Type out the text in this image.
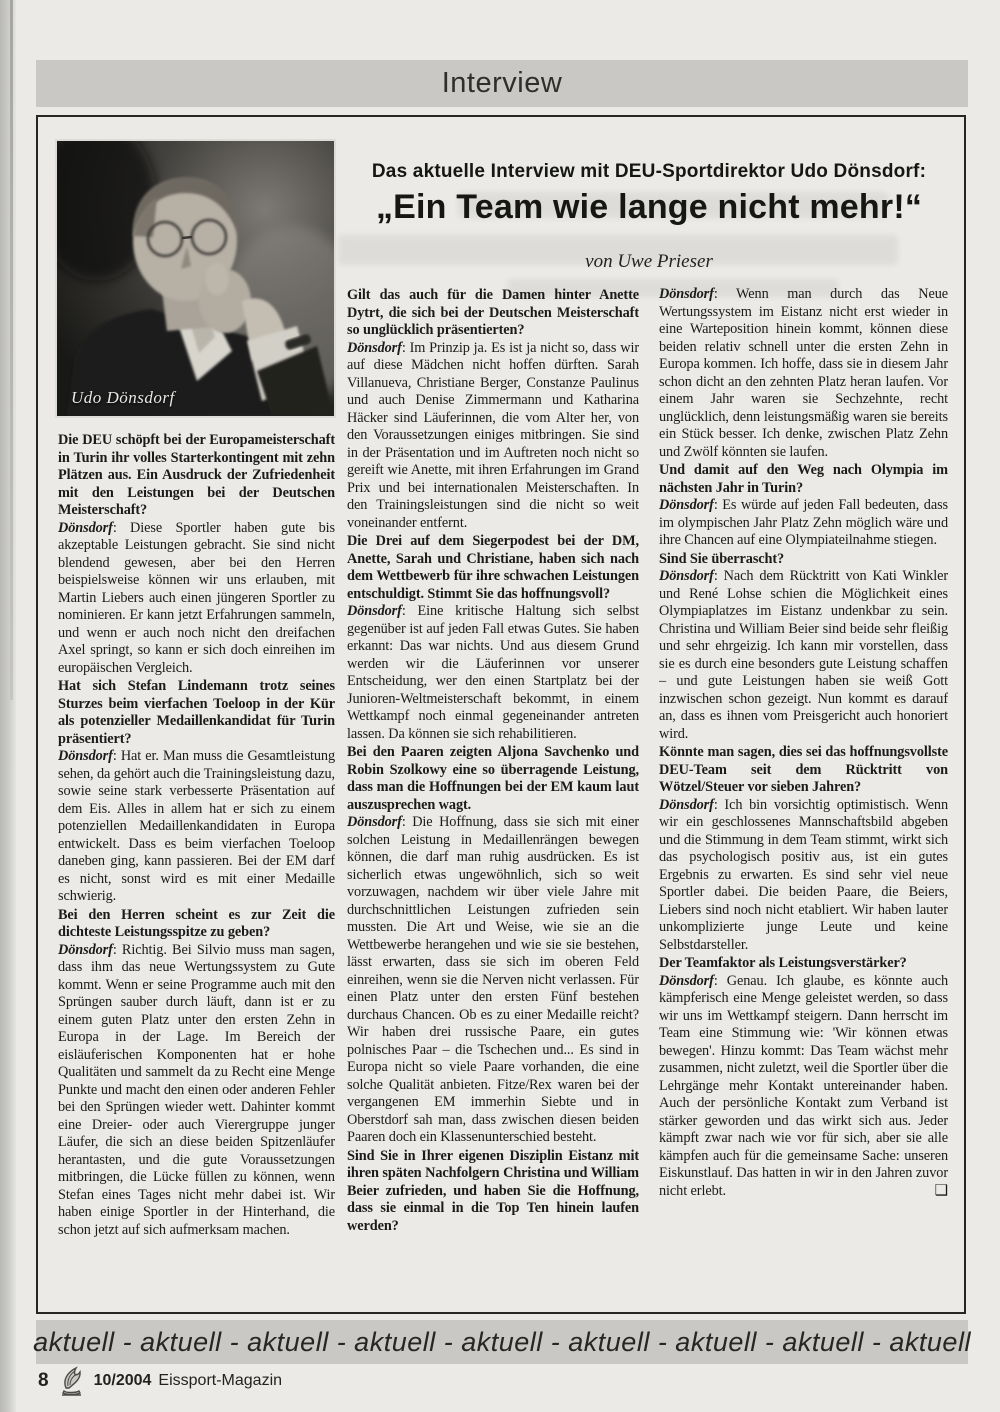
Interview
Udo Dönsdorf
Das aktuelle Interview mit DEU-Sportdirektor Udo Dönsdorf:
„Ein Team wie lange nicht mehr!“
von Uwe Prieser

Die DEU schöpft bei der Europameisterschaft in Turin ihr volles Starterkontingent mit zehn Plätzen aus. Ein Ausdruck der Zufriedenheit mit den Leistungen bei der Deutschen Meisterschaft?

Dönsdorf: Diese Sportler haben gute bis akzeptable Leistungen gebracht. Sie sind nicht blendend gewesen, aber bei den Herren beispielsweise können wir uns erlauben, mit Martin Liebers auch einen jüngeren Sportler zu nominieren. Er kann jetzt Erfahrungen sammeln, und wenn er auch noch nicht den dreifachen Axel springt, so kann er sich doch einreihen im europäischen Vergleich.

Hat sich Stefan Lindemann trotz seines Sturzes beim vierfachen Toeloop in der Kür als potenzieller Medaillenkandidat für Turin präsentiert?

Dönsdorf: Hat er. Man muss die Gesamtleistung sehen, da gehört auch die Trainingsleistung dazu, sowie seine stark verbesserte Präsentation auf dem Eis. Alles in allem hat er sich zu einem potenziellen Medaillenkandidaten in Europa entwickelt. Dass es beim vierfachen Toeloop daneben ging, kann passieren. Bei der EM darf es nicht, sonst wird es mit einer Medaille schwierig.

Bei den Herren scheint es zur Zeit die dichteste Leistungsspitze zu geben?

Dönsdorf: Richtig. Bei Silvio muss man sagen, dass ihm das neue Wertungssystem zu Gute kommt. Wenn er seine Programme auch mit den Sprüngen sauber durch läuft, dann ist er zu einem guten Platz unter den ersten Zehn in Europa in der Lage. Im Bereich der eisläuferischen Komponenten hat er hohe Qualitäten und sammelt da zu Recht eine Menge Punkte und macht den einen oder anderen Fehler bei den Sprüngen wieder wett. Dahinter kommt eine Dreier- oder auch Vierergruppe junger Läufer, die sich an diese beiden Spitzenläufer herantasten, und die gute Voraussetzungen mitbringen, die Lücke füllen zu können, wenn Stefan eines Tages nicht mehr dabei ist. Wir haben einige Sportler in der Hinterhand, die schon jetzt auf sich aufmerksam machen.

Gilt das auch für die Damen hinter Anette Dytrt, die sich bei der Deutschen Meisterschaft so unglücklich präsentierten?

Dönsdorf: Im Prinzip ja. Es ist ja nicht so, dass wir auf diese Mädchen nicht hoffen dürften. Sarah Villanueva, Christiane Berger, Constanze Paulinus und auch Denise Zimmermann und Katharina Häcker sind Läuferinnen, die vom Alter her, von den Voraussetzungen einiges mitbringen. Sie sind in der Präsentation und im Auftreten noch nicht so gereift wie Anette, mit ihren Erfahrungen im Grand Prix und bei internationalen Meisterschaften. In den Trainingsleistungen sind die nicht so weit voneinander entfernt.

Die Drei auf dem Siegerpodest bei der DM, Anette, Sarah und Christiane, haben sich nach dem Wettbewerb für ihre schwachen Leistungen entschuldigt. Stimmt Sie das hoffnungsvoll?

Dönsdorf: Eine kritische Haltung sich selbst gegenüber ist auf jeden Fall etwas Gutes. Sie haben erkannt: Das war nichts. Und aus diesem Grund werden wir die Läuferinnen vor unserer Entscheidung, wer den einen Startplatz bei der Junioren-Weltmeisterschaft bekommt, in einem Wettkampf noch einmal gegeneinander antreten lassen. Da können sie sich rehabilitieren.

Bei den Paaren zeigten Aljona Savchenko und Robin Szolkowy eine so überragende Leistung, dass man die Hoffnungen bei der EM kaum laut auszusprechen wagt.

Dönsdorf: Die Hoffnung, dass sie sich mit einer solchen Leistung in Medaillenrängen bewegen können, die darf man ruhig ausdrücken. Es ist sicherlich etwas ungewöhnlich, sich so weit vorzuwagen, nachdem wir über viele Jahre mit durchschnittlichen Leistungen zufrieden sein mussten. Die Art und Weise, wie sie an die Wettbewerbe herangehen und wie sie sie bestehen, lässt erwarten, dass sie sich im oberen Feld einreihen, wenn sie die Nerven nicht verlassen. Für einen Platz unter den ersten Fünf bestehen durchaus Chancen. Ob es zu einer Medaille reicht? Wir haben drei russische Paare, ein gutes polnisches Paar – die Tschechen und... Es sind in Europa nicht so viele Paare vorhanden, die eine solche Qualität anbieten. Fitze/Rex waren bei der vergangenen EM immerhin Siebte und in Oberstdorf sah man, dass zwischen diesen beiden Paaren doch ein Klassenunterschied besteht.

Sind Sie in Ihrer eigenen Disziplin Eistanz mit ihren späten Nachfolgern Christina und William Beier zufrieden, und haben Sie die Hoffnung, dass sie einmal in die Top Ten hinein laufen werden?

Dönsdorf: Wenn man durch das Neue Wertungssystem im Eistanz nicht erst wieder in eine Warteposition hinein kommt, können diese beiden relativ schnell unter die ersten Zehn in Europa kommen. Ich hoffe, dass sie in diesem Jahr schon dicht an den zehnten Platz heran laufen. Vor einem Jahr waren sie Sechzehnte, recht unglücklich, denn leistungsmäßig waren sie bereits ein Stück besser. Ich denke, zwischen Platz Zehn und Zwölf könnten sie laufen.

Und damit auf den Weg nach Olympia im nächsten Jahr in Turin?

Dönsdorf: Es würde auf jeden Fall bedeuten, dass im olympischen Jahr Platz Zehn möglich wäre und ihre Chancen auf eine Olympiateilnahme stiegen.

Sind Sie überrascht?

Dönsdorf: Nach dem Rücktritt von Kati Winkler und René Lohse schien die Möglichkeit eines Olympiaplatzes im Eistanz undenkbar zu sein. Christina und William Beier sind beide sehr fleißig und sehr ehrgeizig. Ich kann mir vorstellen, dass sie es durch eine besonders gute Leistung schaffen – und gute Leistungen haben sie weiß Gott inzwischen schon gezeigt. Nun kommt es darauf an, dass es ihnen vom Preisgericht auch honoriert wird.

Könnte man sagen, dies sei das hoffnungsvollste DEU-Team seit dem Rücktritt von Wötzel/Steuer vor sieben Jahren?

Dönsdorf: Ich bin vorsichtig optimistisch. Wenn wir ein geschlossenes Mannschaftsbild abgeben und die Stimmung in dem Team stimmt, wirkt sich das psychologisch positiv aus, ist ein gutes Ergebnis zu erwarten. Es sind sehr viel neue Sportler dabei. Die beiden Paare, die Beiers, Liebers sind noch nicht etabliert. Wir haben lauter unkomplizierte junge Leute und keine Selbstdarsteller.

Der Teamfaktor als Leistungsverstärker?

Dönsdorf: Genau. Ich glaube, es könnte auch kämpferisch eine Menge geleistet werden, so dass wir uns im Wettkampf steigern. Dann herrscht im Team eine Stimmung wie: 'Wir können etwas bewegen'. Hinzu kommt: Das Team wächst mehr zusammen, nicht zuletzt, weil die Sportler über die Lehrgänge mehr Kontakt untereinander haben. Auch der persönliche Kontakt zum Verband ist stärker geworden und das wirkt sich aus. Jeder kämpft zwar nach wie vor für sich, aber sie alle kämpfen auch für die gemeinsame Sache: unseren Eiskunstlauf. Das hatten in wir in den Jahren zuvor nicht erlebt.	❑

aktuell - aktuell - aktuell - aktuell - aktuell - aktuell - aktuell - aktuell - aktuell
8	10/2004 Eissport-Magazin
